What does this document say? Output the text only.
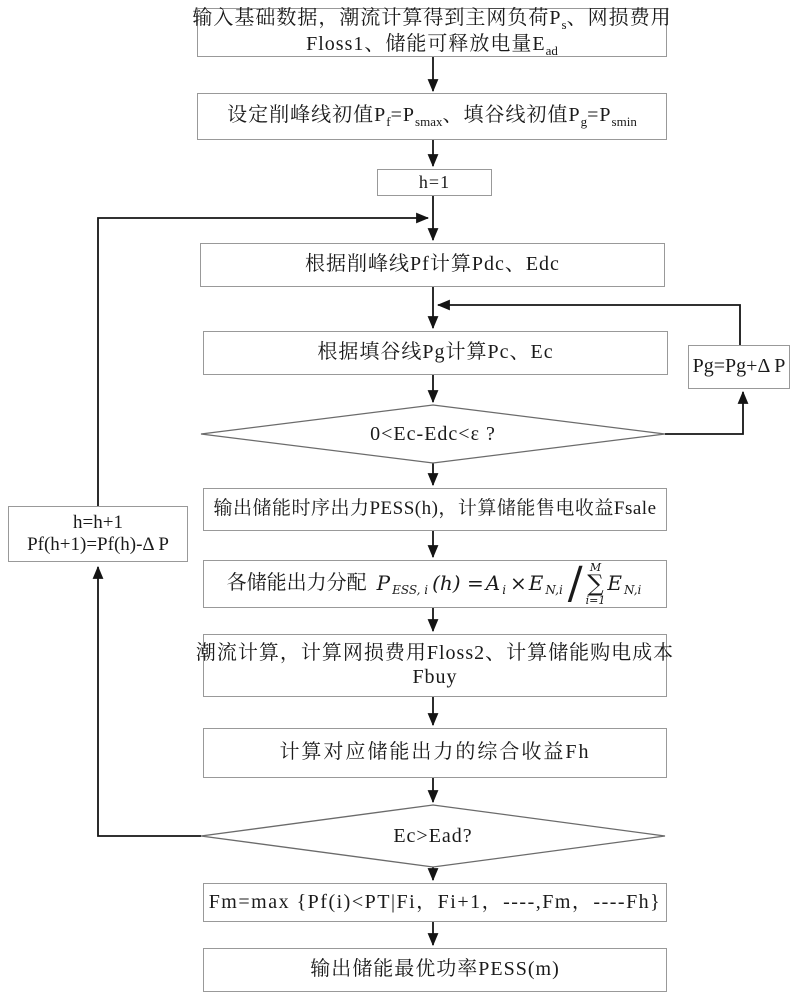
输入基础数据，潮流计算得到主网负荷$P_s$、网损费用
Floss1、储能可释放电量$E_{ad}$
设定削峰线初值$P_f=P_{smax}$、填谷线初值$P_g=P_{smin}$
h=1
根据削峰线Pf计算Pdc、Edc
根据填谷线Pg计算Pc、Ec
Pg=Pg+Δ P
0<Ec-Edc<ε ?
h=h+1
Pf(h+1)=Pf(h)-Δ P
输出储能时序出力PESS(h)，计算储能售电收益Fsale
各储能出力分配 P ESS, i (h) = A i × E N,i / M
∑
i=1
E N,i
潮流计算，计算网损费用Floss2、计算储能购电成本
Fbuy
计算对应储能出力的综合收益Fh
Ec>Ead?
Fm=max {Pf(i)<PT|Fi，Fi+1，----,Fm，----Fh}
输出储能最优功率PESS(m)
